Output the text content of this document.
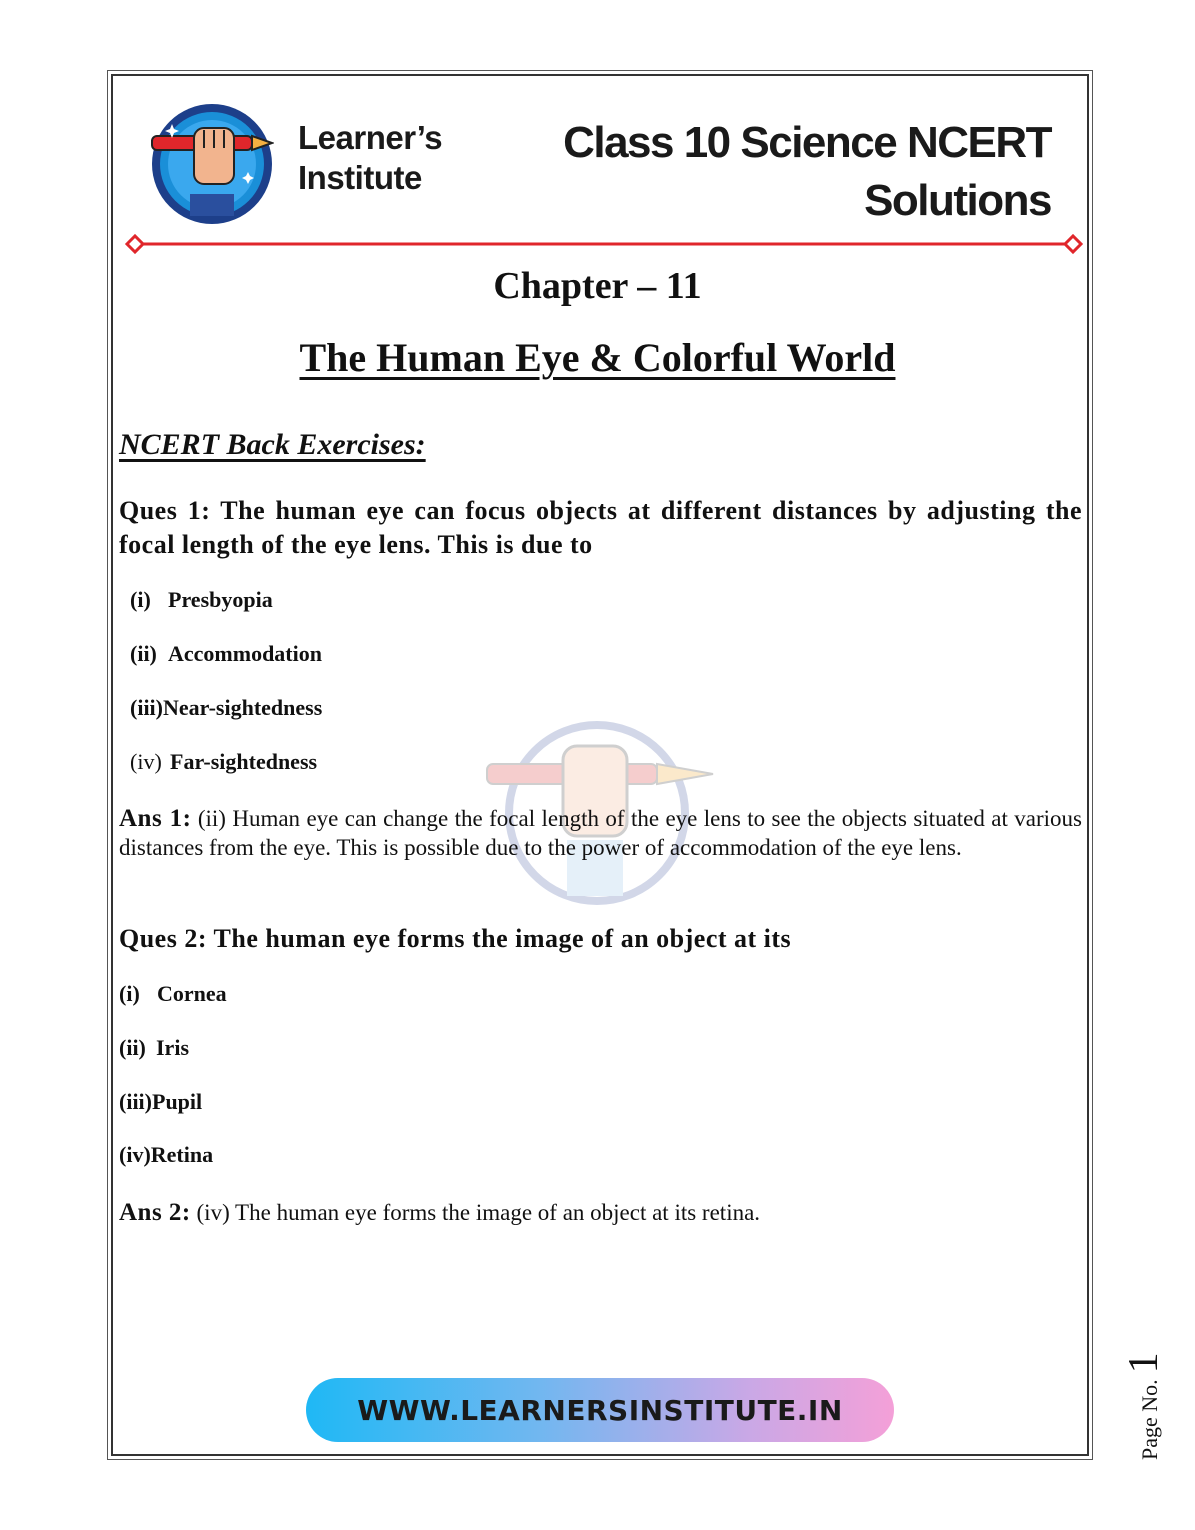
Learner’s
Institute
Class 10 Science NCERT
Solutions
Chapter – 11
The Human Eye & Colorful World
NCERT Back Exercises:
Ques 1: The human eye can focus objects at different distances by adjusting the focal length of the eye lens. This is due to
(i) Presbyopia
(ii) Accommodation
(iii)Near-sightedness
(iv) Far-sightedness
Ans 1: (ii) Human eye can change the focal length of the eye lens to see the objects situated at various distances from the eye. This is possible due to the power of accommodation of the eye lens.
Ques 2: The human eye forms the image of an object at its
(i) Cornea
(ii) Iris
(iii)Pupil
(iv)Retina
Ans 2: (iv) The human eye forms the image of an object at its retina.
WWW.LEARNERSINSTITUTE.IN	Page No.1
